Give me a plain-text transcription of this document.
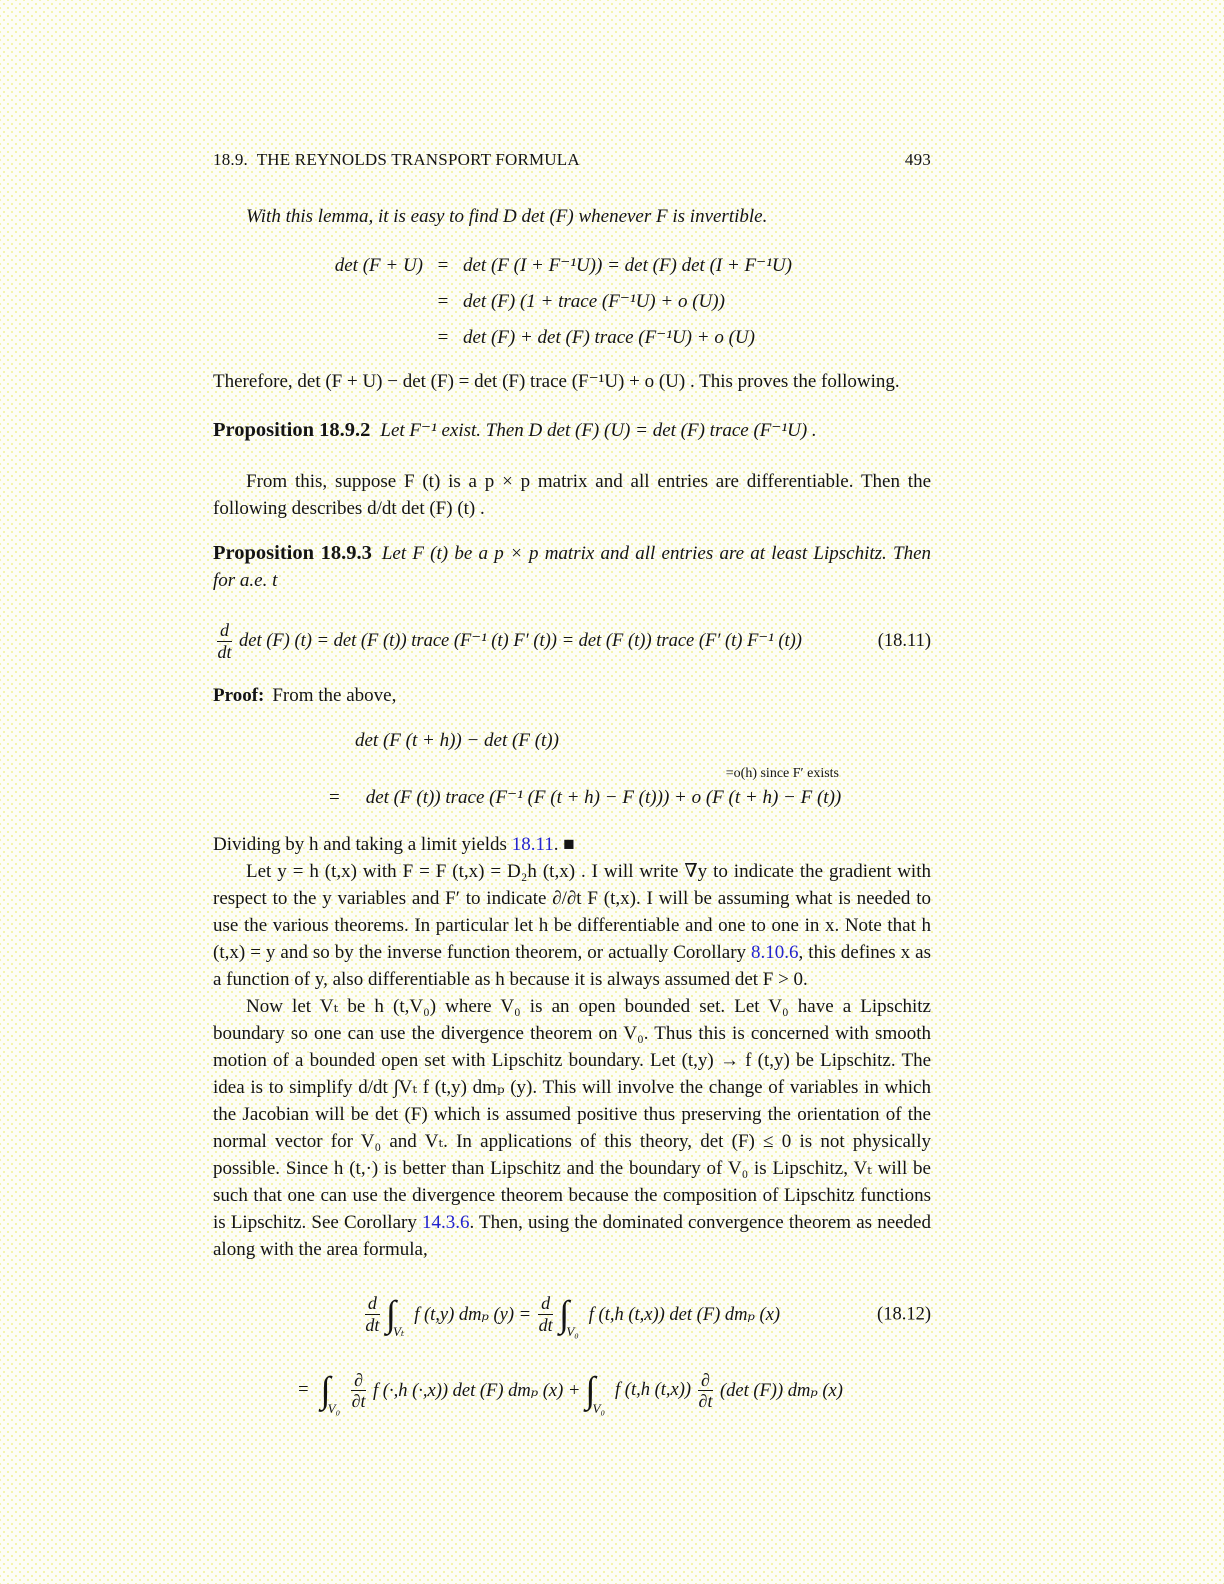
18.9. THE REYNOLDS TRANSPORT FORMULA	493

With this lemma, it is easy to find D det (F) whenever F is invertible.

det (F + U) = det (F (I + F⁻¹U)) = det (F) det (I + F⁻¹U)
= det (F) (1 + trace (F⁻¹U) + o (U))
= det (F) + det (F) trace (F⁻¹U) + o (U)

Therefore, det (F + U) − det (F) = det (F) trace (F⁻¹U) + o (U) . This proves the following.

Proposition 18.9.2 Let F⁻¹ exist. Then D det (F) (U) = det (F) trace (F⁻¹U) .

From this, suppose F (t) is a p × p matrix and all entries are differentiable. Then the following describes d/dt det (F) (t) .

Proposition 18.9.3 Let F (t) be a p × p matrix and all entries are at least Lipschitz. Then for a.e. t
$\frac{d}{dt}$ det (F) (t) = det (F (t)) trace (F⁻¹ (t) F′ (t)) = det (F (t)) trace (F′ (t) F⁻¹ (t))	(18.11)

Proof: From the above,

det (F (t + h)) − det (F (t))
=o(h) since F′ exists
= det (F (t)) trace (F⁻¹ (F (t + h) − F (t))) + o (F (t + h) − F (t))

Dividing by h and taking a limit yields 18.11. ■

Let y = h (t,x) with F = F (t,x) = D₂h (t,x) . I will write ∇y to indicate the gradient with respect to the y variables and F′ to indicate ∂/∂t F (t,x). I will be assuming what is needed to use the various theorems. In particular let h be differentiable and one to one in x. Note that h (t,x) = y and so by the inverse function theorem, or actually Corollary 8.10.6, this defines x as a function of y, also differentiable as h because it is always assumed det F > 0.

Now let Vₜ be h (t,V₀) where V₀ is an open bounded set. Let V₀ have a Lipschitz boundary so one can use the divergence theorem on V₀. Thus this is concerned with smooth motion of a bounded open set with Lipschitz boundary. Let (t,y) → f (t,y) be Lipschitz. The idea is to simplify d/dt ∫Vₜ f (t,y) dmₚ (y). This will involve the change of variables in which the Jacobian will be det (F) which is assumed positive thus preserving the orientation of the normal vector for V₀ and Vₜ. In applications of this theory, det (F) ≤ 0 is not physically possible. Since h (t,·) is better than Lipschitz and the boundary of V₀ is Lipschitz, Vₜ will be such that one can use the divergence theorem because the composition of Lipschitz functions is Lipschitz. See Corollary 14.3.6. Then, using the dominated convergence theorem as needed along with the area formula,

$\frac{d}{dt}$ ∫
Vₜ
f (t,y) dmₚ $(y) = \frac{d}{dt}$ ∫
V₀
f (t,h (t,x)) det (F) dmₚ (x)	(18.12)
= ∫
$V_0 \frac{\partial}{\partial t}$ f (·,h (·,x)) det (F) dmₚ (x) + ∫
V₀
f (t,h $(t,x)) \frac{\partial}{\partial t} (\det$ (F)) dmₚ (x)
